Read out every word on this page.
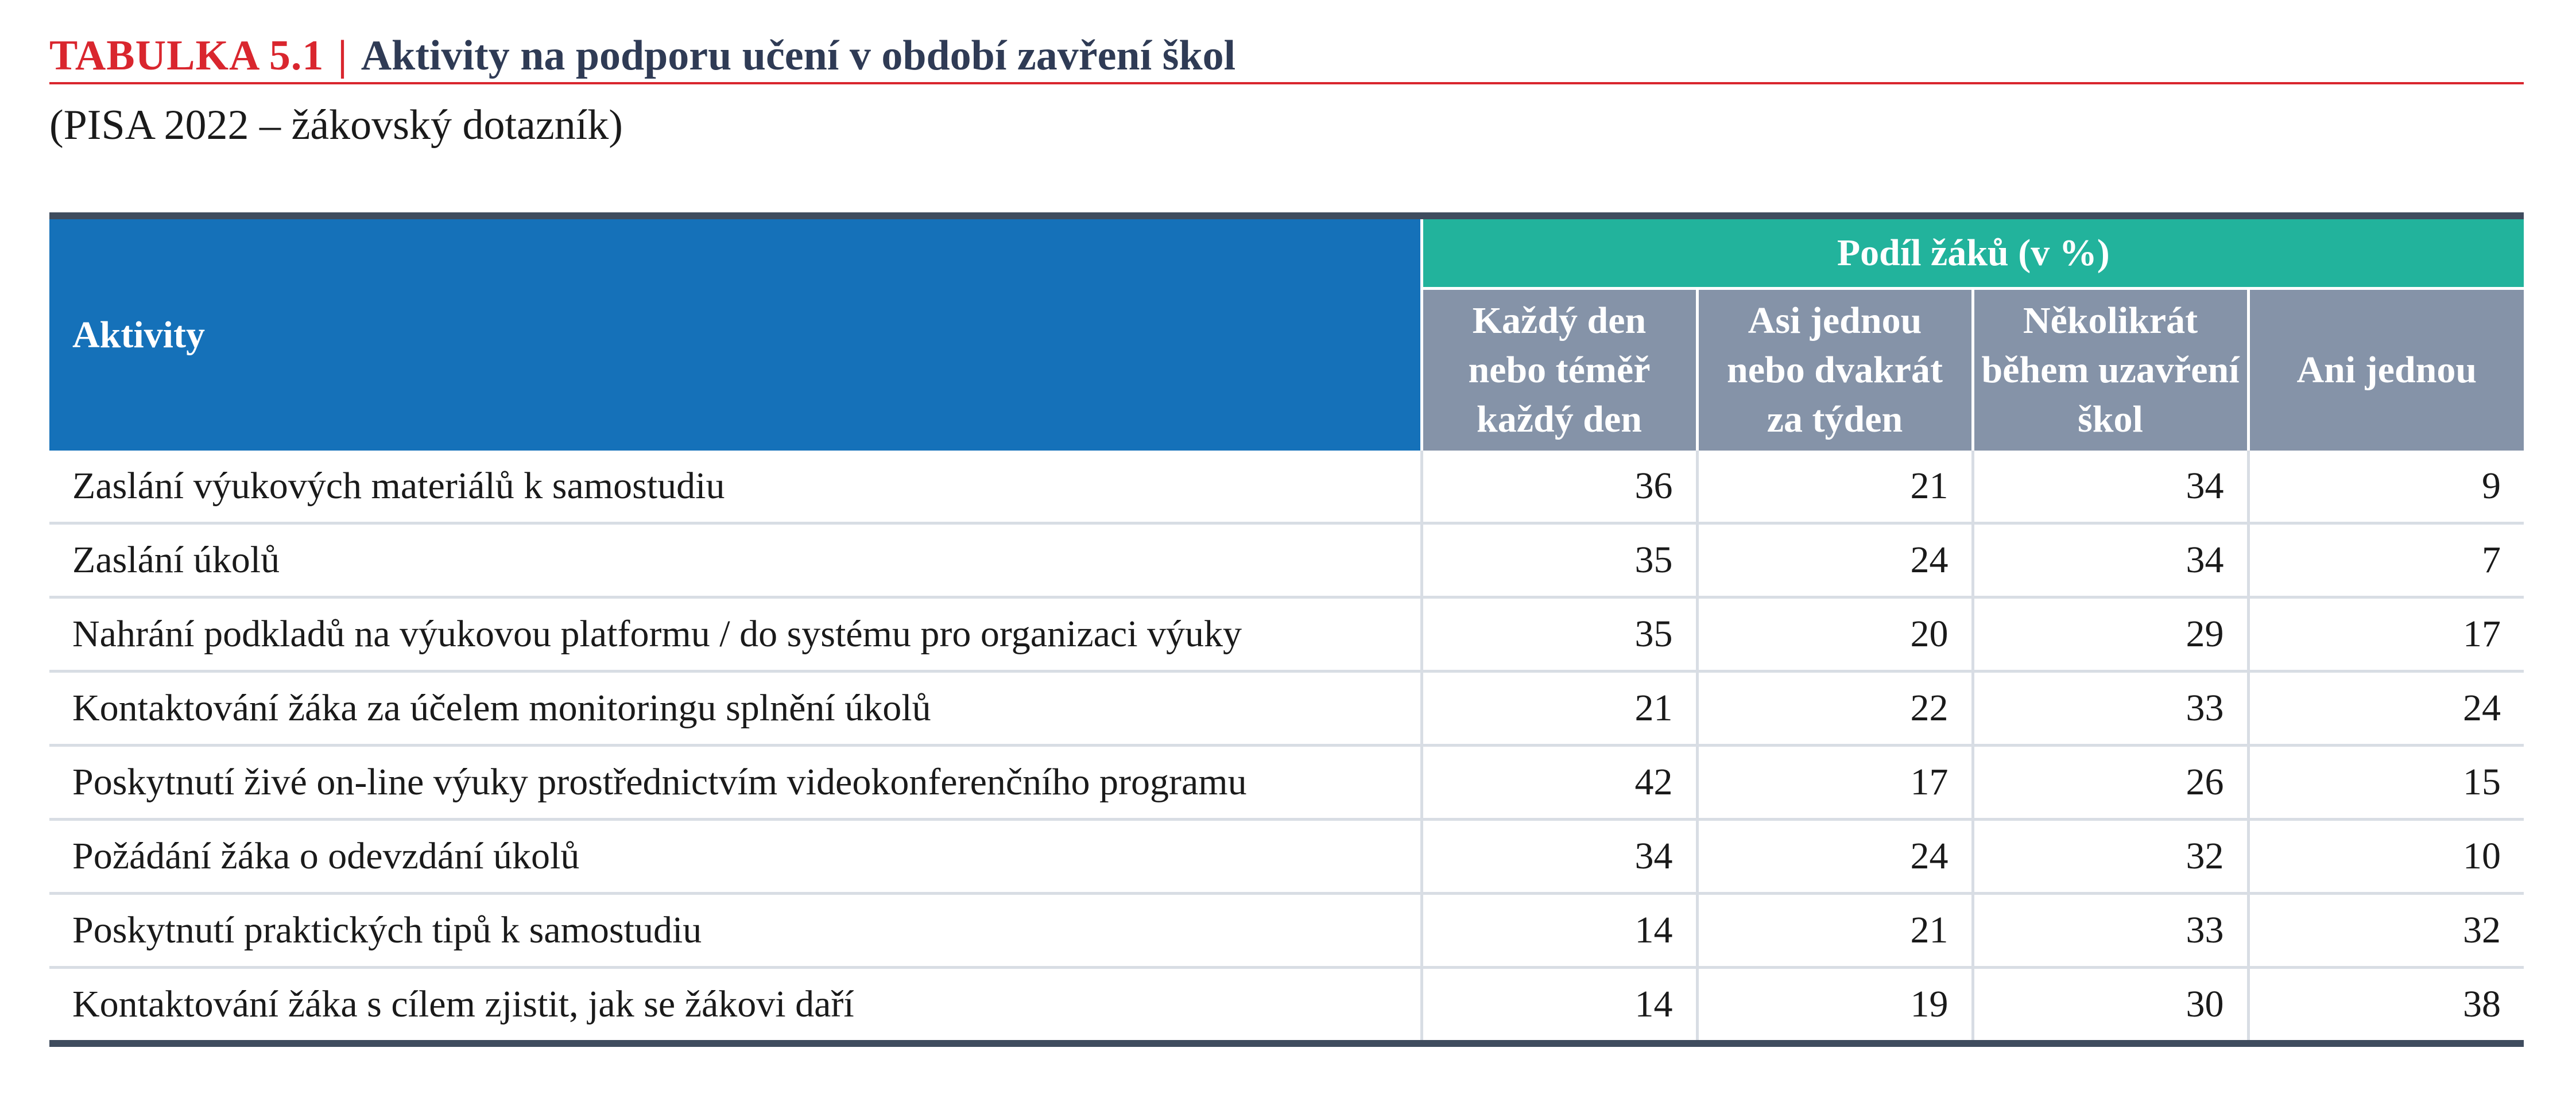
TABULKA 5.1 | Aktivity na podporu učení v období zavření škol
(PISA 2022 – žákovský dotazník)
Aktivity	Podíl žáků (v %)			
	Každý den nebo téměř každý den	Asi jednou nebo dvakrát za týden	Několikrát během uzavření škol	Ani jednou
Zaslání výukových materiálů k samostudiu	36	21	34	9
Zaslání úkolů	35	24	34	7
Nahrání podkladů na výukovou platformu / do systému pro organizaci výuky	35	20	29	17
Kontaktování žáka za účelem monitoringu splnění úkolů	21	22	33	24
Poskytnutí živé on-line výuky prostřednictvím videokonferenčního programu	42	17	26	15
Požádání žáka o odevzdání úkolů	34	24	32	10
Poskytnutí praktických tipů k samostudiu	14	21	33	32
Kontaktování žáka s cílem zjistit, jak se žákovi daří	14	19	30	38
